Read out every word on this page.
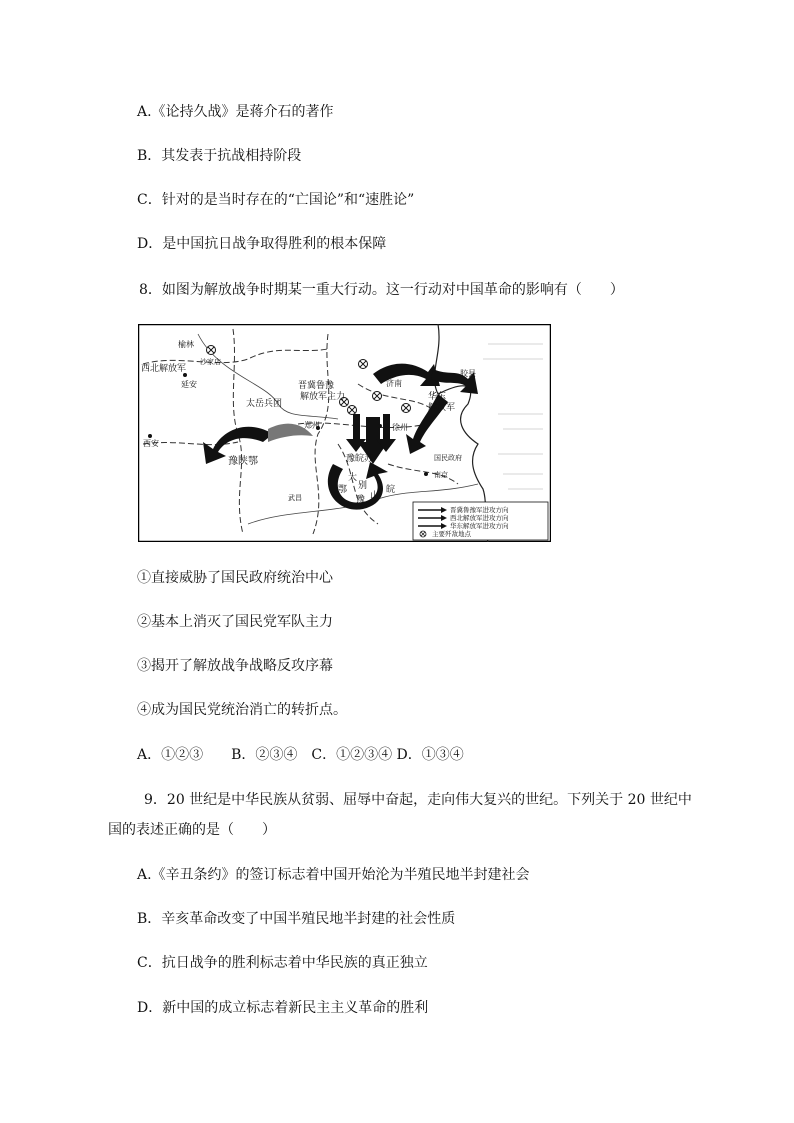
A.《论持久战》是蒋介石的著作
B．其发表于抗战相持阶段
C．针对的是当时存在的“亡国论”和“速胜论”
D．是中国抗日战争取得胜利的根本保障
8．如图为解放战争时期某一重大行动。这一行动对中国革命的影响有（　　）
榆林
西北解放军
沙家店
延安
太岳兵团
西安
豫陕鄂
晋冀鲁豫
解放军主力
济南
华东
解放军
胶县
郑州	徐州
豫皖苏	国民政府
南京
大
别
山
鄂
豫
皖
武昌
晋冀鲁豫军进攻方向
西北解放军进攻方向
华东解放军进攻方向
主要歼敌地点
①直接威胁了国民政府统治中心
②基本上消灭了国民党军队主力
③揭开了解放战争战略反攻序幕
④成为国民党统治消亡的转折点。
A．①②③　　B．②③④　C．①②③④ D．①③④
9．20 世纪是中华民族从贫弱、屈辱中奋起，走向伟大复兴的世纪。下列关于 20 世纪中
国的表述正确的是（　　）
A.《辛丑条约》的签订标志着中国开始沦为半殖民地半封建社会
B．辛亥革命改变了中国半殖民地半封建的社会性质
C．抗日战争的胜利标志着中华民族的真正独立
D．新中国的成立标志着新民主主义革命的胜利
